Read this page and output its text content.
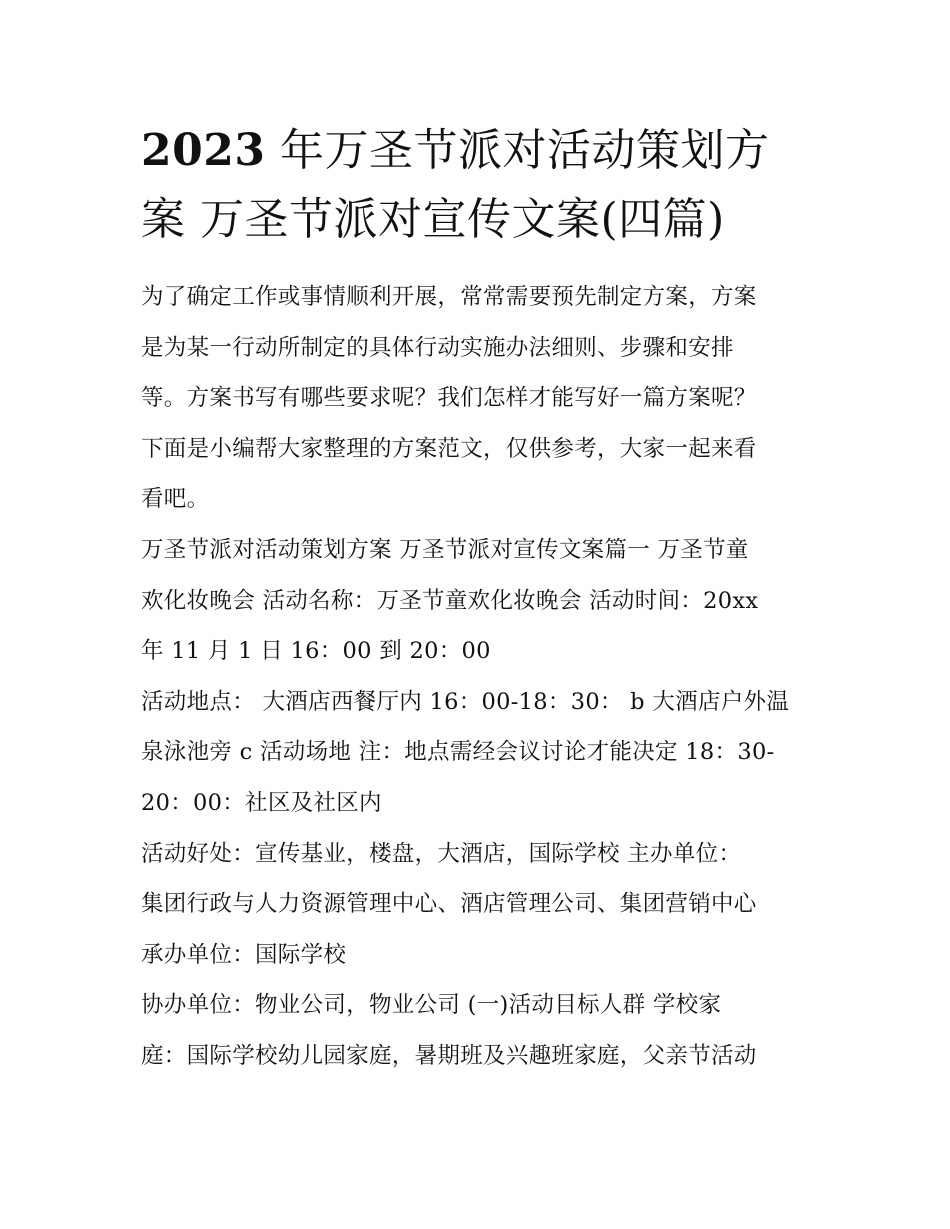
2023 年万圣节派对活动策划方
案 万圣节派对宣传文案(四篇)
为了确定工作或事情顺利开展，常常需要预先制定方案，方案
是为某一行动所制定的具体行动实施办法细则、步骤和安排
等。方案书写有哪些要求呢？我们怎样才能写好一篇方案呢？
下面是小编帮大家整理的方案范文，仅供参考，大家一起来看
看吧。
万圣节派对活动策划方案 万圣节派对宣传文案篇一 万圣节童
欢化妆晚会 活动名称：万圣节童欢化妆晚会 活动时间：20xx
年 11 月 1 日 16：00 到 20：00
活动地点： 大酒店西餐厅内 16：00-18：30： b 大酒店户外温
泉泳池旁 c 活动场地 注：地点需经会议讨论才能决定 18：30-
20：00：社区及社区内
活动好处：宣传基业，楼盘，大酒店，国际学校 主办单位：
集团行政与人力资源管理中心、酒店管理公司、集团营销中心
承办单位：国际学校
协办单位：物业公司，物业公司 (一)活动目标人群 学校家
庭：国际学校幼儿园家庭，暑期班及兴趣班家庭，父亲节活动
